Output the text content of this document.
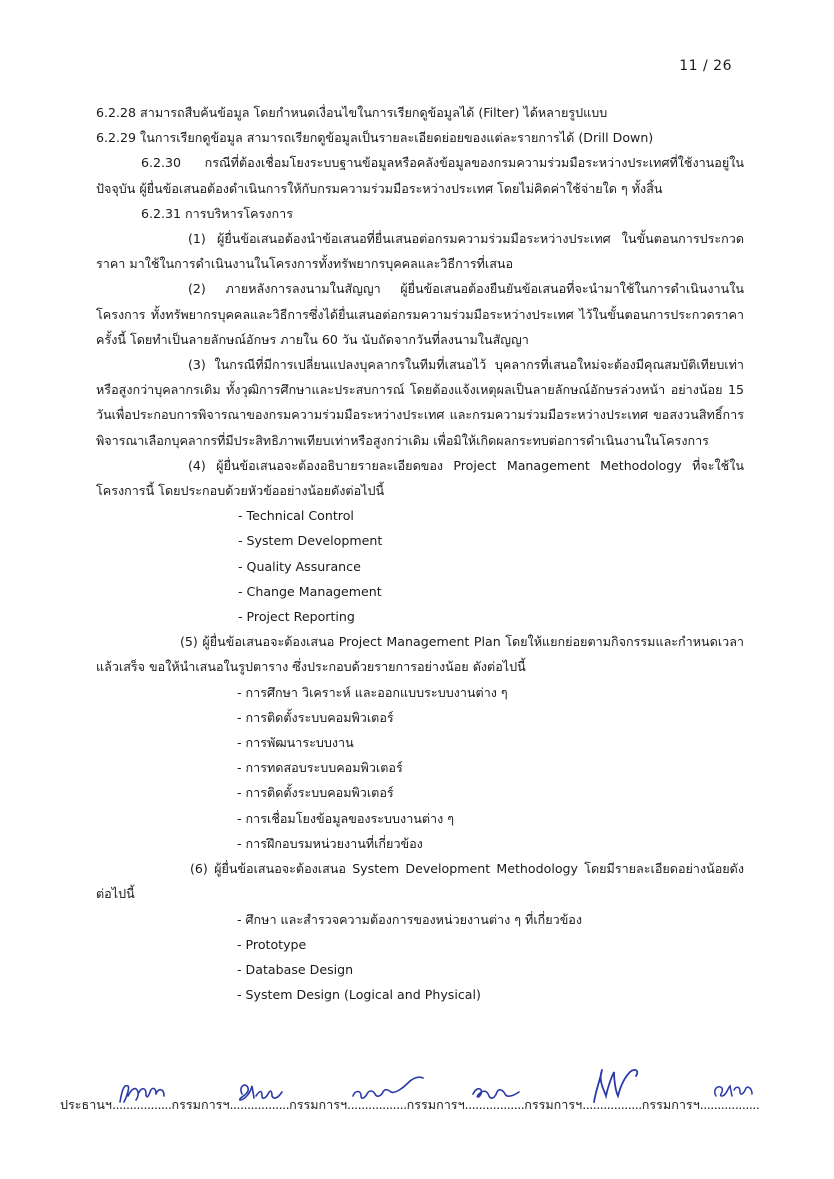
11 / 26

6.2.28 สามารถสืบค้นข้อมูล โดยกำหนดเงื่อนไขในการเรียกดูข้อมูลได้ (Filter) ได้หลายรูปแบบ

6.2.29 ในการเรียกดูข้อมูล สามารถเรียกดูข้อมูลเป็นรายละเอียดย่อยของแต่ละรายการได้ (Drill Down)

6.2.30 กรณีที่ต้องเชื่อมโยงระบบฐานข้อมูลหรือคลังข้อมูลของกรมความร่วมมือระหว่างประเทศที่ใช้งานอยู่ในปัจจุบัน ผู้ยื่นข้อเสนอต้องดำเนินการให้กับกรมความร่วมมือระหว่างประเทศ โดยไม่คิดค่าใช้จ่ายใด ๆ ทั้งสิ้น

6.2.31 การบริหารโครงการ

(1) ผู้ยื่นข้อเสนอต้องนำข้อเสนอที่ยื่นเสนอต่อกรมความร่วมมือระหว่างประเทศ ในขั้นตอนการประกวดราคา มาใช้ในการดำเนินงานในโครงการทั้งทรัพยากรบุคคลและวิธีการที่เสนอ

(2) ภายหลังการลงนามในสัญญา ผู้ยื่นข้อเสนอต้องยืนยันข้อเสนอที่จะนำมาใช้ในการดำเนินงานในโครงการ ทั้งทรัพยากรบุคคลและวิธีการซึ่งได้ยื่นเสนอต่อกรมความร่วมมือระหว่างประเทศ ไว้ในขั้นตอนการประกวดราคาครั้งนี้ โดยทำเป็นลายลักษณ์อักษร ภายใน 60 วัน นับถัดจากวันที่ลงนามในสัญญา

(3) ในกรณีที่มีการเปลี่ยนแปลงบุคลากรในทีมที่เสนอไว้ บุคลากรที่เสนอใหม่จะต้องมีคุณสมบัติเทียบเท่าหรือสูงกว่าบุคลากรเดิม ทั้งวุฒิการศึกษาและประสบการณ์ โดยต้องแจ้งเหตุผลเป็นลายลักษณ์อักษรล่วงหน้า อย่างน้อย 15 วันเพื่อประกอบการพิจารณาของกรมความร่วมมือระหว่างประเทศ และกรมความร่วมมือระหว่างประเทศ ขอสงวนสิทธิ์การพิจารณาเลือกบุคลากรที่มีประสิทธิภาพเทียบเท่าหรือสูงกว่าเดิม เพื่อมิให้เกิดผลกระทบต่อการดำเนินงานในโครงการ

(4) ผู้ยื่นข้อเสนอจะต้องอธิบายรายละเอียดของ Project Management Methodology ที่จะใช้ในโครงการนี้ โดยประกอบด้วยหัวข้ออย่างน้อยดังต่อไปนี้

- Technical Control

- System Development

- Quality Assurance

- Change Management

- Project Reporting

(5) ผู้ยื่นข้อเสนอจะต้องเสนอ Project Management Plan โดยให้แยกย่อยตามกิจกรรมและกำหนดเวลาแล้วเสร็จ ขอให้นำเสนอในรูปตาราง ซึ่งประกอบด้วยรายการอย่างน้อย ดังต่อไปนี้

- การศึกษา วิเคราะห์ และออกแบบระบบงานต่าง ๆ

- การติดตั้งระบบคอมพิวเตอร์

- การพัฒนาระบบงาน

- การทดสอบระบบคอมพิวเตอร์

- การติดตั้งระบบคอมพิวเตอร์

- การเชื่อมโยงข้อมูลของระบบงานต่าง ๆ

- การฝึกอบรมหน่วยงานที่เกี่ยวข้อง

(6) ผู้ยื่นข้อเสนอจะต้องเสนอ System Development Methodology โดยมีรายละเอียดอย่างน้อยดังต่อไปนี้

- ศึกษา และสำรวจความต้องการของหน่วยงานต่าง ๆ ที่เกี่ยวข้อง

- Prototype

- Database Design

- System Design (Logical and Physical)

ประธานฯ ................. กรรมการฯ ................. กรรมการฯ ................. กรรมการฯ ................. กรรมการฯ ................. กรรมการฯ .................
